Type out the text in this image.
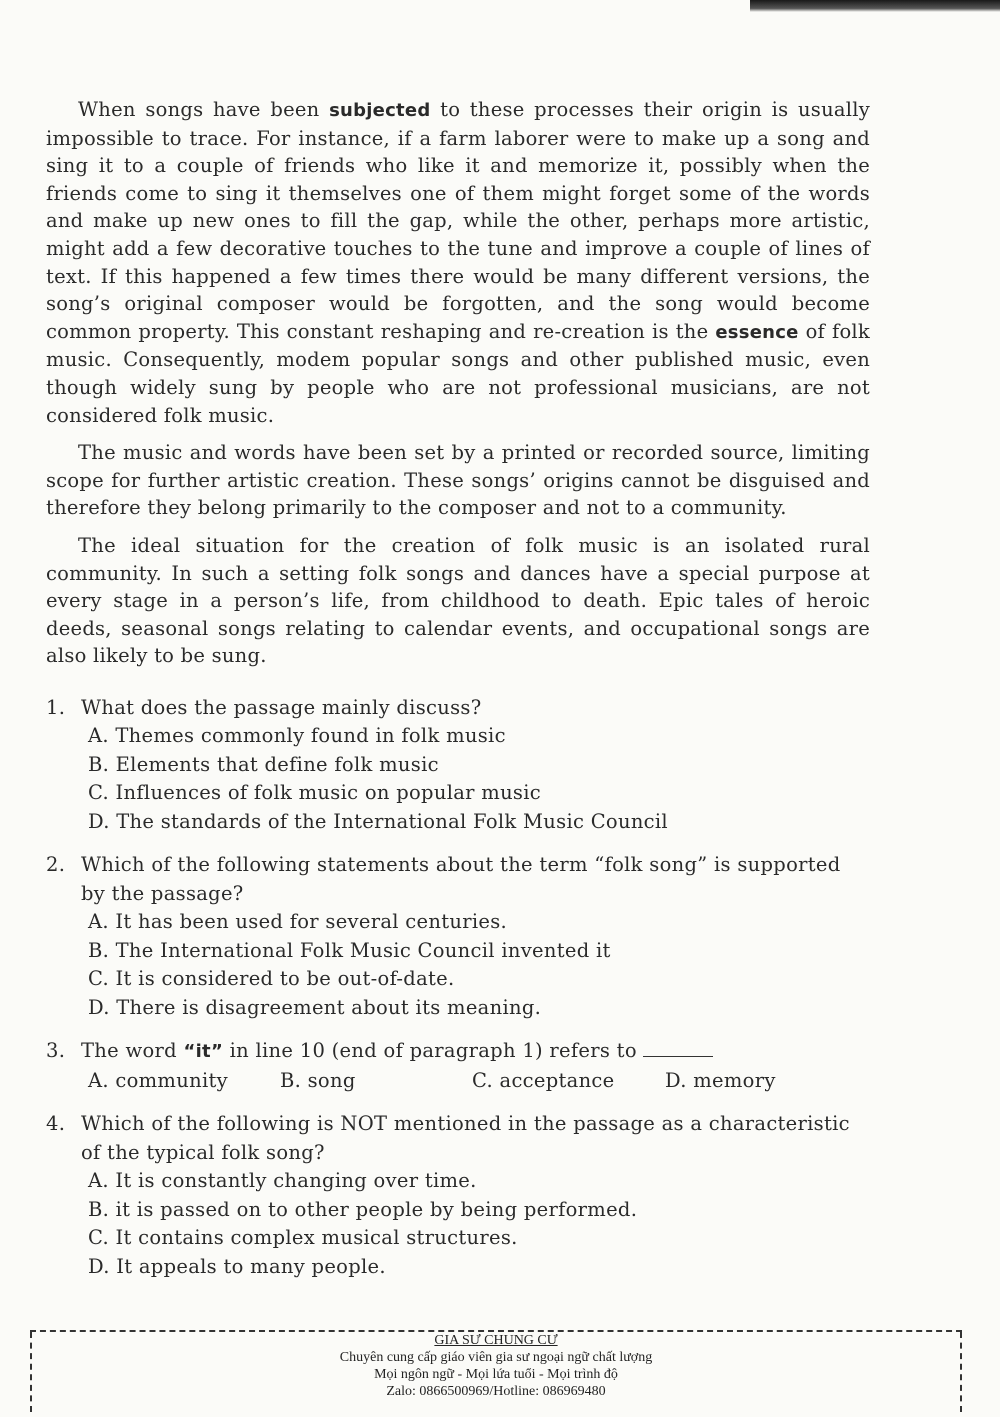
When songs have been subjected to these processes their origin is usually impossible to trace. For instance, if a farm laborer were to make up a song and sing it to a couple of friends who like it and memorize it, possibly when the friends come to sing it themselves one of them might forget some of the words and make up new ones to fill the gap, while the other, perhaps more artistic, might add a few decorative touches to the tune and improve a couple of lines of text. If this happened a few times there would be many different versions, the song’s original composer would be forgotten, and the song would become common property. This constant reshaping and re-creation is the essence of folk music. Consequently, modem popular songs and other published music, even though widely sung by people who are not professional musicians, are not considered folk music.

The music and words have been set by a printed or recorded source, limiting scope for further artistic creation. These songs’ origins cannot be disguised and therefore they belong primarily to the composer and not to a community.

The ideal situation for the creation of folk music is an isolated rural community. In such a setting folk songs and dances have a special purpose at every stage in a person’s life, from childhood to death. Epic tales of heroic deeds, seasonal songs relating to calendar events, and occupational songs are also likely to be sung.

1. What does the passage mainly discuss?
A. Themes commonly found in folk music
B. Elements that define folk music
C. Influences of folk music on popular music
D. The standards of the International Folk Music Council
2. Which of the following statements about the term “folk song” is supported by the passage?
A. It has been used for several centuries.
B. The International Folk Music Council invented it
C. It is considered to be out-of-date.
D. There is disagreement about its meaning.
3. The word “it” in line 10 (end of paragraph 1) refers to
A. community	B. song	C. acceptance	D. memory
4. Which of the following is NOT mentioned in the passage as a characteristic of the typical folk song?
A. It is constantly changing over time.
B. it is passed on to other people by being performed.
C. It contains complex musical structures.
D. It appeals to many people.
GIA SƯ CHUNG CƯ
Chuyên cung cấp giáo viên gia sư ngoại ngữ chất lượng
Mọi ngôn ngữ - Mọi lứa tuổi - Mọi trình độ
Zalo: 0866500969/Hotline: 086969480
